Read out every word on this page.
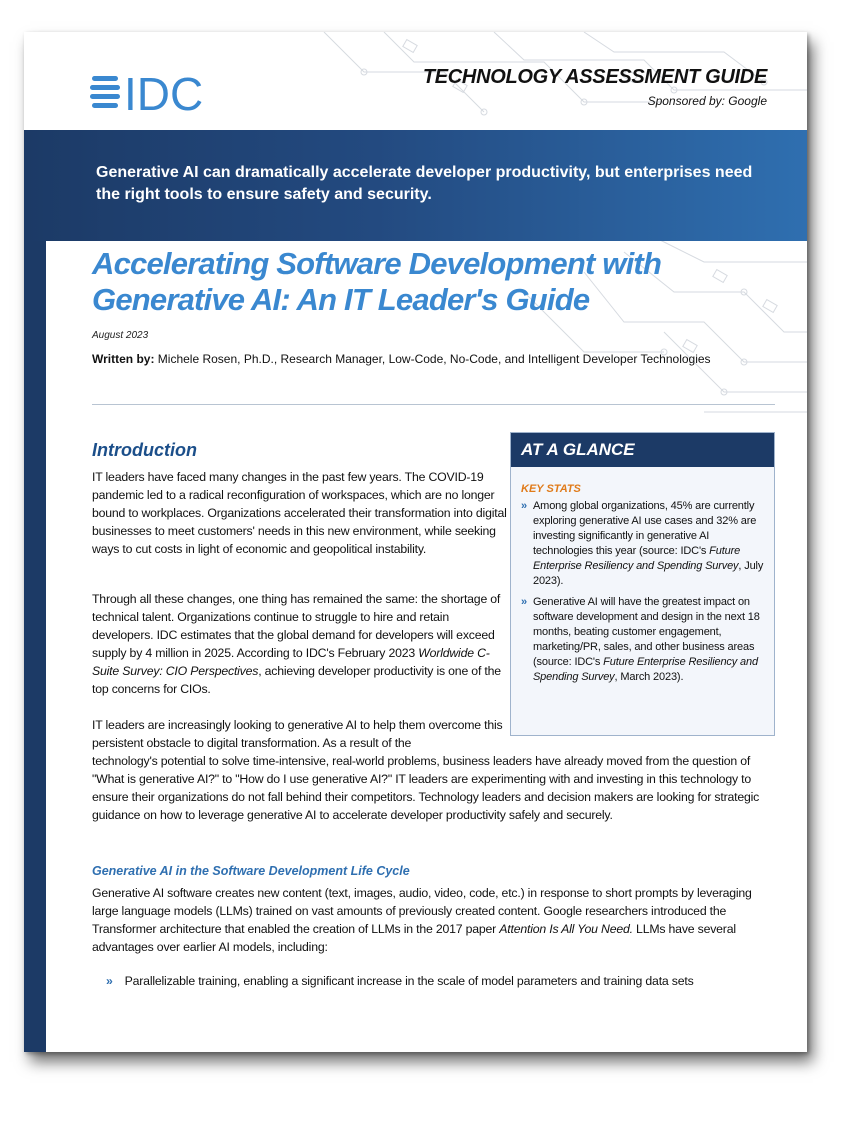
IDC	TECHNOLOGY ASSESSMENT GUIDE
Sponsored by: Google
Generative AI can dramatically accelerate developer productivity, but enterprises need the right tools to ensure safety and security.
Accelerating Software Development with
Generative AI: An IT Leader's Guide
August 2023
Written by: Michele Rosen, Ph.D., Research Manager, Low-Code, No-Code, and Intelligent Developer Technologies
Introduction

IT leaders have faced many changes in the past few years. The COVID-19 pandemic led to a radical reconfiguration of workspaces, which are no longer bound to workplaces. Organizations accelerated their transformation into digital businesses to meet customers' needs in this new environment, while seeking ways to cut costs in light of economic and geopolitical instability.

Through all these changes, one thing has remained the same: the shortage of technical talent. Organizations continue to struggle to hire and retain developers. IDC estimates that the global demand for developers will exceed supply by 4 million in 2025. According to IDC's February 2023 Worldwide C-Suite Survey: CIO Perspectives, achieving developer productivity is one of the top concerns for CIOs.

IT leaders are increasingly looking to generative AI to help them overcome this persistent obstacle to digital transformation. As a result of the
technology's potential to solve time-intensive, real-world problems, business leaders have already moved from the question of "What is generative AI?" to "How do I use generative AI?" IT leaders are experimenting with and investing in this technology to ensure their organizations do not fall behind their competitors. Technology leaders and decision makers are looking for strategic guidance on how to leverage generative AI to accelerate developer productivity safely and securely.

Generative AI in the Software Development Life Cycle

Generative AI software creates new content (text, images, audio, video, code, etc.) in response to short prompts by leveraging large language models (LLMs) trained on vast amounts of previously created content. Google researchers introduced the Transformer architecture that enabled the creation of LLMs in the 2017 paper Attention Is All You Need. LLMs have several advantages over earlier AI models, including:

» Parallelizable training, enabling a significant increase in the scale of model parameters and training data sets
AT A GLANCE
KEY STATS
» Among global organizations, 45% are currently exploring generative AI use cases and 32% are investing significantly in generative AI technologies this year (source: IDC's Future Enterprise Resiliency and Spending Survey, July 2023).
» Generative AI will have the greatest impact on software development and design in the next 18 months, beating customer engagement, marketing/PR, sales, and other business areas (source: IDC's Future Enterprise Resiliency and Spending Survey, March 2023).
